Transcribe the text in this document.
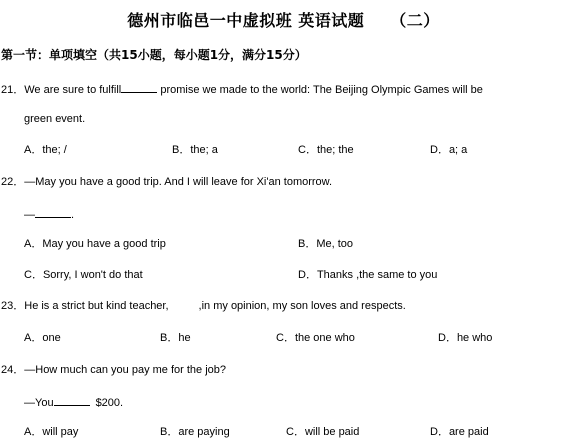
德州市临邑一中虚拟班 英语试题 （二）
第一节：单项填空（共15小题，每小题1分，满分15分）
21．We are sure to fulfill	promise we made to the world: The Beijing Olympic Games will be
green event.
A．the; /	B．the; a	C．the; the	D．a; a
22．—May you have a good trip. And I will leave for Xi'an tomorrow.
—	.
A．May you have a good trip	B．Me, too
C．Sorry, I won't do that	D．Thanks ,the same to you
23．He is a strict but kind teacher,	,in my opinion, my son loves and respects.
A．one	B．he	C．the one who	D．he who
24．—How much can you pay me for the job?
—You	$200.
A．will pay	B．are paying	C．will be paid	D．are paid
